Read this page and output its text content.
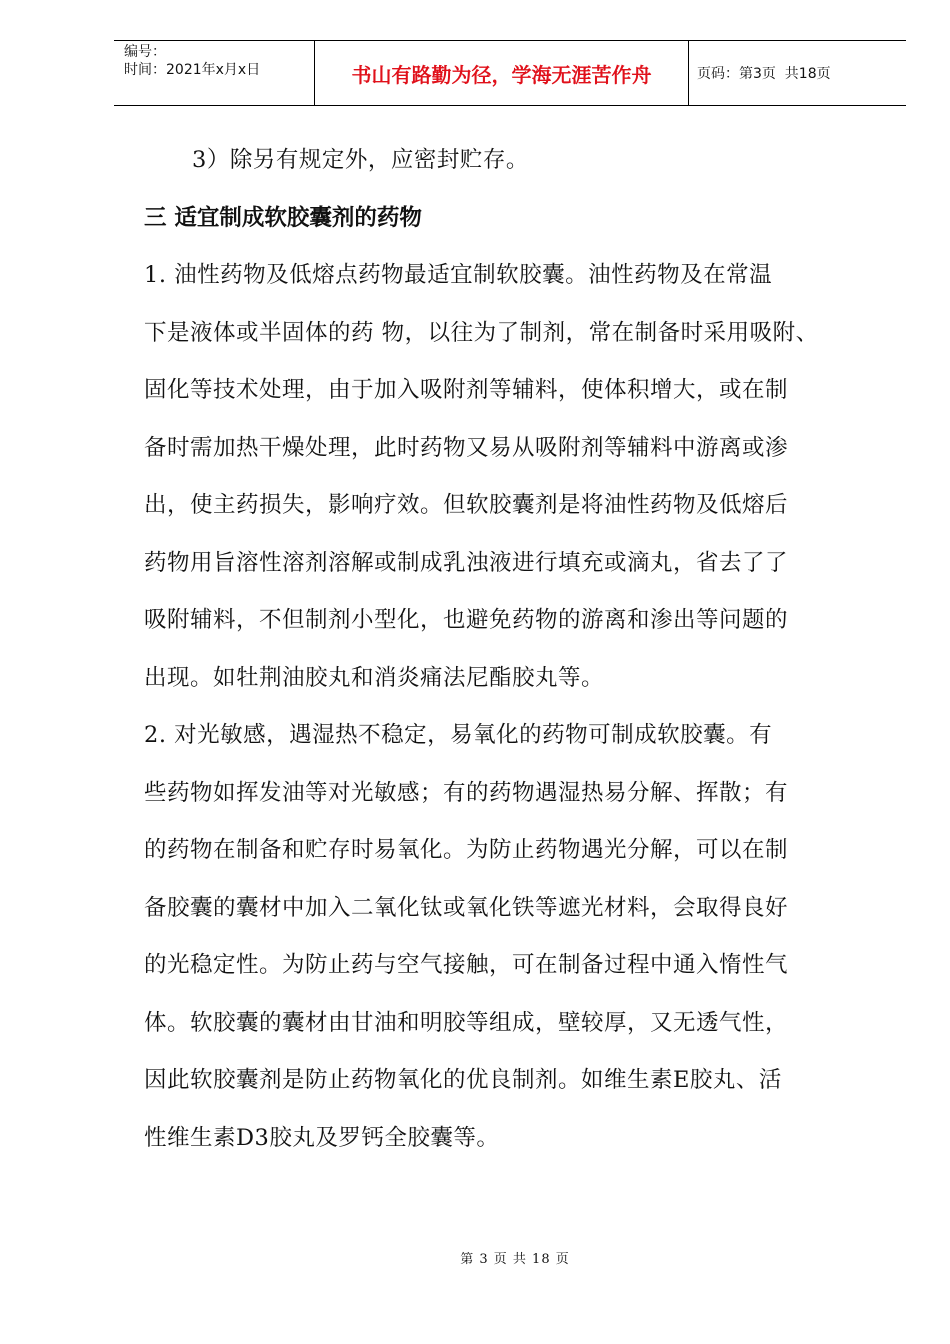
编号：
时间：2021年x月x日	书山有路勤为径，学海无涯苦作舟	页码：第3页  共18页
3）除另有规定外，应密封贮存。
三 适宜制成软胶囊剂的药物
1. 油性药物及低熔点药物最适宜制软胶囊。油性药物及在常温
下是液体或半固体的药 物，以往为了制剂，常在制备时采用吸附、
固化等技术处理，由于加入吸附剂等辅料，使体积增大，或在制
备时需加热干燥处理，此时药物又易从吸附剂等辅料中游离或渗
出，使主药损失，影响疗效。但软胶囊剂是将油性药物及低熔后
药物用旨溶性溶剂溶解或制成乳浊液进行填充或滴丸，省去了了
吸附辅料，不但制剂小型化，也避免药物的游离和渗出等问题的
出现。如牡荆油胶丸和消炎痛法尼酯胶丸等。
2. 对光敏感，遇湿热不稳定，易氧化的药物可制成软胶囊。有
些药物如挥发油等对光敏感；有的药物遇湿热易分解、挥散；有
的药物在制备和贮存时易氧化。为防止药物遇光分解，可以在制
备胶囊的囊材中加入二氧化钛或氧化铁等遮光材料，会取得良好
的光稳定性。为防止药与空气接触，可在制备过程中通入惰性气
体。软胶囊的囊材由甘油和明胶等组成，壁较厚，又无透气性，
因此软胶囊剂是防止药物氧化的优良制剂。如维生素E胶丸、活
性维生素D3胶丸及罗钙全胶囊等。
第 3 页 共 18 页
